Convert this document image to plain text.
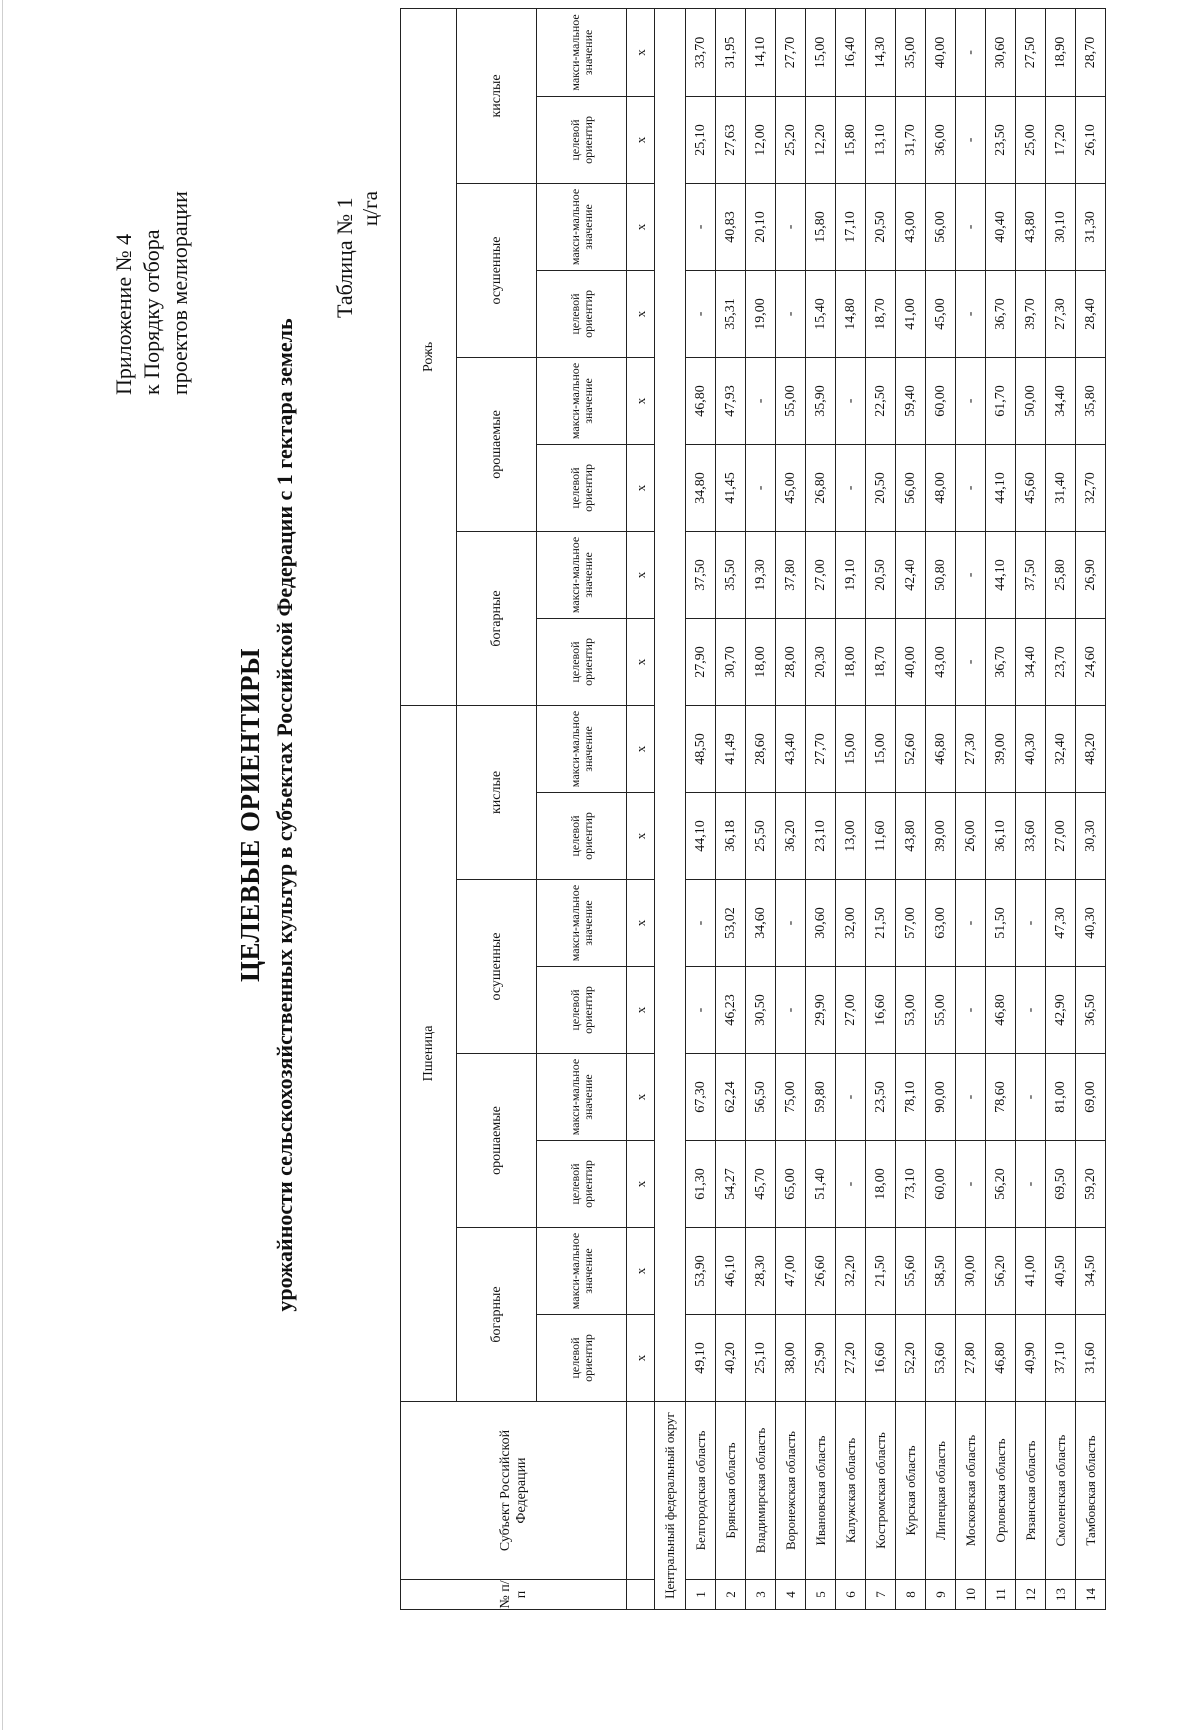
Приложение № 4 к Порядку отбора проектов мелиорации
ЦЕЛЕВЫЕ ОРИЕНТИРЫ урожайности сельскохозяйственных культур в субъектах Российской Федерации с 1 гектара земель
Таблица № 1 ц/га
№ п/п	Субъект Российской Федерации	Пшеница								Рожь							
		богарные		орошаемые		осушенные		кислые		богарные		орошаемые		осушенные		кислые	
		целевой ориентир	макси-мальное значение	целевой ориентир	макси-мальное значение	целевой ориентир	макси-мальное значение	целевой ориентир	макси-мальное значение	целевой ориентир	макси-мальное значение	целевой ориентир	макси-мальное значение	целевой ориентир	макси-мальное значение	целевой ориентир	макси-мальное значение
		х	х	х	х	х	х	х	х	х	х	х	х	х	х	х	х
Центральный федеральный округ																	
1	Белгородская область	49,10	53,90	61,30	67,30	-	-	44,10	48,50	27,90	37,50	34,80	46,80	-	-	25,10	33,70
2	Брянская область	40,20	46,10	54,27	62,24	46,23	53,02	36,18	41,49	30,70	35,50	41,45	47,93	35,31	40,83	27,63	31,95
3	Владимирская область	25,10	28,30	45,70	56,50	30,50	34,60	25,50	28,60	18,00	19,30	-	-	19,00	20,10	12,00	14,10
4	Воронежская область	38,00	47,00	65,00	75,00	-	-	36,20	43,40	28,00	37,80	45,00	55,00	-	-	25,20	27,70
5	Ивановская область	25,90	26,60	51,40	59,80	29,90	30,60	23,10	27,70	20,30	27,00	26,80	35,90	15,40	15,80	12,20	15,00
6	Калужская область	27,20	32,20	-	-	27,00	32,00	13,00	15,00	18,00	19,10	-	-	14,80	17,10	15,80	16,40
7	Костромская область	16,60	21,50	18,00	23,50	16,60	21,50	11,60	15,00	18,70	20,50	20,50	22,50	18,70	20,50	13,10	14,30
8	Курская область	52,20	55,60	73,10	78,10	53,00	57,00	43,80	52,60	40,00	42,40	56,00	59,40	41,00	43,00	31,70	35,00
9	Липецкая область	53,60	58,50	60,00	90,00	55,00	63,00	39,00	46,80	43,00	50,80	48,00	60,00	45,00	56,00	36,00	40,00
10	Московская область	27,80	30,00	-	-	-	-	26,00	27,30	-	-	-	-	-	-	-	-
11	Орловская область	46,80	56,20	56,20	78,60	46,80	51,50	36,10	39,00	36,70	44,10	44,10	61,70	36,70	40,40	23,50	30,60
12	Рязанская область	40,90	41,00	-	-	-	-	33,60	40,30	34,40	37,50	45,60	50,00	39,70	43,80	25,00	27,50
13	Смоленская область	37,10	40,50	69,50	81,00	42,90	47,30	27,00	32,40	23,70	25,80	31,40	34,40	27,30	30,10	17,20	18,90
14	Тамбовская область	31,60	34,50	59,20	69,00	36,50	40,30	30,30	48,20	24,60	26,90	32,70	35,80	28,40	31,30	26,10	28,70
